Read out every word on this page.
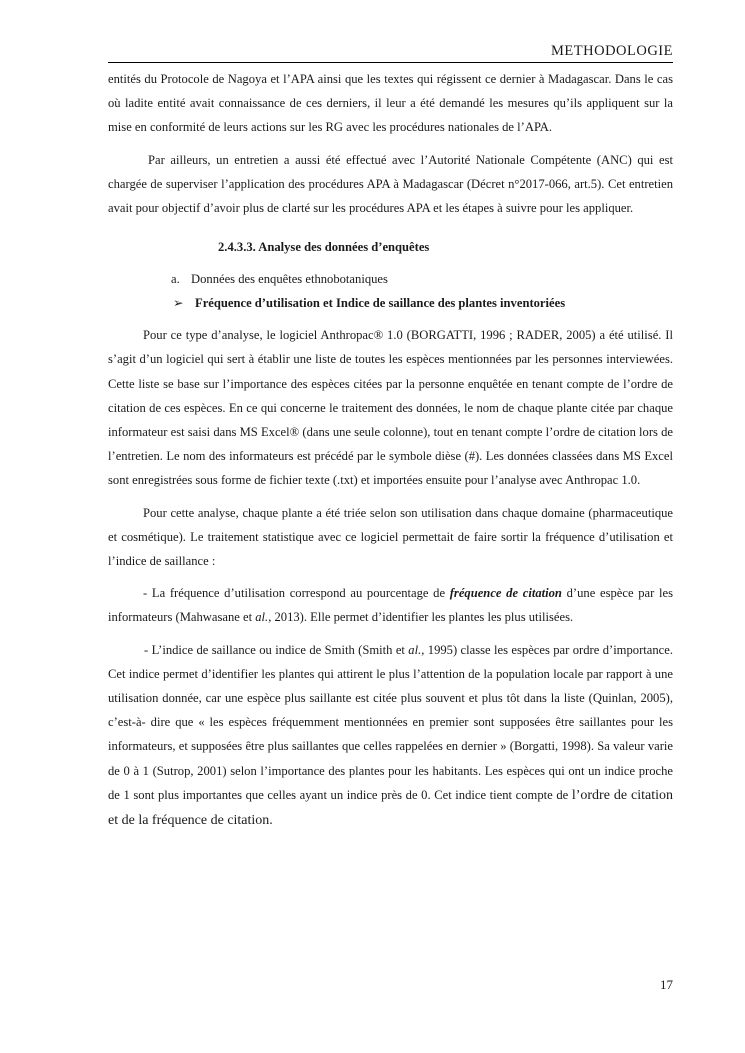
METHODOLOGIE

entités du Protocole de Nagoya et l’APA ainsi que les textes qui régissent ce dernier à Madagascar. Dans le cas où ladite entité avait connaissance de ces derniers, il leur a été demandé les mesures qu’ils appliquent sur la mise en conformité de leurs actions sur les RG avec les procédures nationales de l’APA.

Par ailleurs, un entretien a aussi été effectué avec l’Autorité Nationale Compétente (ANC) qui est chargée de superviser l’application des procédures APA à Madagascar (Décret n°2017-066, art.5). Cet entretien avait pour objectif d’avoir plus de clarté sur les procédures APA et les étapes à suivre pour les appliquer.

2.4.3.3. Analyse des données d’enquêtes
a. Données des enquêtes ethnobotaniques
➢ Fréquence d’utilisation et Indice de saillance des plantes inventoriées

Pour ce type d’analyse, le logiciel Anthropac® 1.0 (BORGATTI, 1996 ; RADER, 2005) a été utilisé. Il s’agit d’un logiciel qui sert à établir une liste de toutes les espèces mentionnées par les personnes interviewées. Cette liste se base sur l’importance des espèces citées par la personne enquêtée en tenant compte de l’ordre de citation de ces espèces. En ce qui concerne le traitement des données, le nom de chaque plante citée par chaque informateur est saisi dans MS Excel® (dans une seule colonne), tout en tenant compte l’ordre de citation lors de l’entretien. Le nom des informateurs est précédé par le symbole dièse (#). Les données classées dans MS Excel sont enregistrées sous forme de fichier texte (.txt) et importées ensuite pour l’analyse avec Anthropac 1.0.

Pour cette analyse, chaque plante a été triée selon son utilisation dans chaque domaine (pharmaceutique et cosmétique). Le traitement statistique avec ce logiciel permettait de faire sortir la fréquence d’utilisation et l’indice de saillance :

- La fréquence d’utilisation correspond au pourcentage de fréquence de citation d’une espèce par les informateurs (Mahwasane et al., 2013). Elle permet d’identifier les plantes les plus utilisées.

- L’indice de saillance ou indice de Smith (Smith et al., 1995) classe les espèces par ordre d’importance. Cet indice permet d’identifier les plantes qui attirent le plus l’attention de la population locale par rapport à une utilisation donnée, car une espèce plus saillante est citée plus souvent et plus tôt dans la liste (Quinlan, 2005), c’est-à- dire que « les espèces fréquemment mentionnées en premier sont supposées être saillantes pour les informateurs, et supposées être plus saillantes que celles rappelées en dernier » (Borgatti, 1998). Sa valeur varie de 0 à 1 (Sutrop, 2001) selon l’importance des plantes pour les habitants. Les espèces qui ont un indice proche de 1 sont plus importantes que celles ayant un indice près de 0. Cet indice tient compte de l’ordre de citation et de la fréquence de citation.

17
